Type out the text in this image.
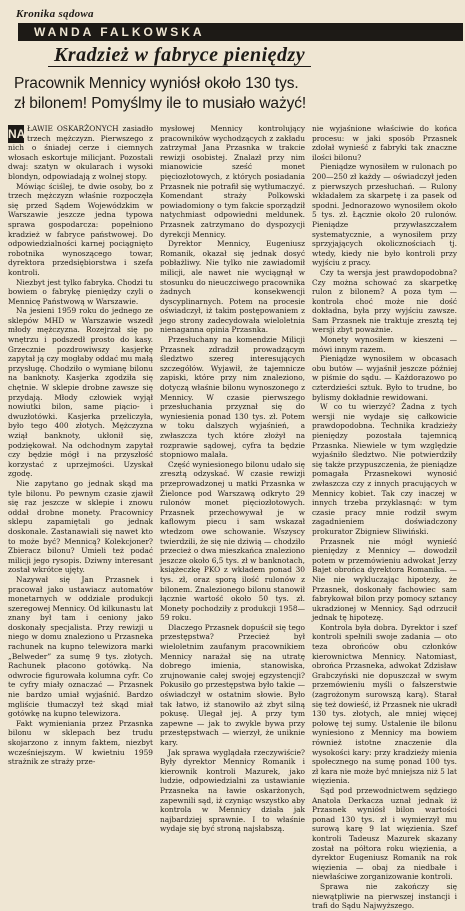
Kronika sądowa
WANDA FALKOWSKA
Kradzież w fabryce pieniędzy
Pracownik Mennicy wyniósł około 130 tys.
zł bilonem! Pomyślmy ile to musiało ważyć!

NA ŁAWIE OSKARŻONYCH zasiadło trzech mężczyzn. Pierwszego z nich o śniadej cerze i ciemnych włosach eskortuje milicjant. Pozostali dwaj: szatyn w okularach i wysoki blondyn, odpowiadają z wolnej stopy.

Mówiąc ściślej, te dwie osoby, bo z trzech mężczyzn właśnie rozpoczęła się przed Sądem Wojewódzkim w Warszawie jeszcze jedna typowa sprawa gospodarcza: popełniono kradzież w fabryce państwowej. Do odpowiedzialności karnej pociągnięto robotnika wynoszącego towar, dyrektora przedsiębiorstwa i szefa kontroli.

Niezbyt jest tylko fabryka. Chodzi tu bowiem o fabrykę pieniędzy czyli o Mennicę Państwową w Warszawie.

Na jesieni 1959 roku do jednego ze sklepów MHD w Warszawie wszedł młody mężczyzna. Rozejrzał się po wnętrzu i podszedł prosto do kasy. Grzecznie pozdrowiwszy kasjerkę zapytał ją czy mogłaby oddać mu małą przysługę. Chodziło o wymianę bilonu na banknoty. Kasjerka zgodziła się chętnie. W sklepie drobne zawsze się przydają. Młody człowiek wyjął nowiutki bilon, same piącio- i dwuzłotówki. Kasjerka przeliczyła, było tego 400 złotych. Mężczyzna wziął banknoty, ukłonił się, podziękował. Na odchodnym zapytał czy będzie mógł i na przyszłość korzystać z uprzejmości. Uzyskał zgodę.

Nie zapytano go jednak skąd ma tyle bilonu. Po pewnym czasie zjawił się raz jeszcze w sklepie i znowu oddał drobne monety. Pracownicy sklepu zapamiętali go jednak doskonale. Zastanawiali się nawet kto to może być? Mennicą? Kolekcjoner? Zbieracz bilonu? Umieli też podać milicji jego rysopis. Dziwny interesant został wkrótce ujęty.

Nazywał się Jan Przasnek i pracował jako ustawiacz automatów monetarnych w oddziale produkcji szeregowej Mennicy. Od kilkunastu lat znany był tam i ceniony jako doskonały specjalista. Przy rewizji u niego w domu znaleziono u Przasneka rachunek na kupno telewizora marki „Belweder” za sumę 9 tys. złotych. Rachunek płacono gotówką. Na odwrocie figurowała kolumna cyfr. Co te cyfry miały oznaczać — Przasnek nie bardzo umiał wyjaśnić. Bardzo mgliście tłumaczył też skąd miał gotówkę na kupno telewizora.

Fakt wymieniania przez Przasnka bilonu w sklepach bez trudu skojarzono z innym faktem, niezbyt wcześniejszym. W kwietniu 1959 strażnik ze straży prze-

mysłowej Mennicy kontrolujący pracowników wychodzących z zakładu zatrzymał Jana Przasnka w trakcie rewizji osobistej. Znalazł przy nim mianowicie sześć monet pięciozłotowych, z których posiadania Przasnek nie potrafił się wytłumaczyć. Komendant straży Polkowski powiadomiony o tym fakcie sporządził natychmiast odpowiedni meldunek. Przasnek zatrzymano do dyspozycji dyrekcji Mennicy.

Dyrektor Mennicy, Eugeniusz Romanik, okazał się jednak dosyć pobłażliwy. Nie tylko nie zawiadomił milicji, ale nawet nie wyciągnął w stosunku do nieuczciwego pracownika żadnych konsekwencji dyscyplinarnych. Potem na procesie oświadczył, iż takim postępowaniem z jego strony zadecydowała wieloletnia nienaganna opinia Przasnka.

Przesłuchany na komendzie Milicji Przasnek zdradził prowadzącym śledztwo szereg interesujących szczegółów. Wyjawił, że tajemnicze zapiski, które przy nim znaleziono, dotyczą właśnie bilonu wynoszonego z Mennicy. W czasie pierwszego przesłuchania przyznał się do wyniesienia ponad 130 tys. zł. Potem w toku dalszych wyjaśnień, a zwłaszcza tych które złożył na rozprawie sądowej, cyfra ta będzie stopniowo malała.

Część wyniesionego bilonu udało się zresztą odzyskać. W czasie rewizji przeprowadzonej u matki Przasnka w Żielonce pod Warszawą odkryto 29 rulonów monet pięciozłotowych. Przasnek przechowywał je w kaflowym piecu i sam wskazał wtedzom owe schowanie. Wszyscy twierdzili, że się nie dziwią — chodziło przecież o dwa mieszkańca znaleziono jeszcze około 6,5 tys. zł w banknotach, książeczkę PKO z wkładem ponad 30 tys. zł, oraz sporą ilość rulonów z bilonem. Znalezionego bilonu stanowił łącznie wartość około 50 tys. zł. Monety pochodziły z produkcji 1958—59 roku.

Dlaczego Przasnek dopuścił się tego przestępstwa? Przecież był wieloletnim zaufanym pracownikiem Mennicy narażał się na utratę dobrego imienia, stanowiska, zrujnowanie całej swojej egzystencji? Pokusiło go przestępstwa było takie — oświadczył w ostatnim słowie. Było tak łatwo, iż stanowiło aż zbyt silną pokusę. Ulegał jej. A przy tym zapewne — jak to zwykle bywa przy przestępstwach — wierzył, że uniknie kary.

Jak sprawa wyglądała rzeczywiście? Były dyrektor Mennicy Romanik i kierownik kontroli Mazurek, jako ludzie, odpowiedzialni za ustawianie Przasneka na ławie oskarżonych, zapewnili sąd, iż czyniąc wszystko aby kontrola w Mennicy działa jak najbardziej sprawnie. I to właśnie wydaje się być stroną najsłabszą.

nie wyjaśnione właściwie do końca procesu: w jaki sposób Przasnek zdołał wynieść z fabryki tak znaczne ilości bilonu?

Pieniądze wynosiłem w rulonach po 200—250 zł każdy — oświadczył jeden z pierwszych przesłuchań. — Rulony wkładałem za skarpetę i za pasek od spodni. Jednorazowo wynosiłem około 5 tys. zł. Łącznie około 20 rulonów. Pieniądze przywłaszczałem systematycznie, a wynosiłem przy sprzyjających okolicznościach tj. wtedy, kiedy nie było kontroli przy wyjściu z pracy.

Czy ta wersja jest prawdopodobna? Czy można schować za skarpetkę rulon z bilonem? A poza tym — kontrola choć może nie dość dokładna, była przy wyjściu zawsze. Sam Przasnek nie traktuje zresztą tej wersji zbyt poważnie.

Monety wynosiłem w kieszeni — mówi innym razem.

Pieniądze wynosiłem w obcasach obu butów — wyjaśnił jeszcze później w piśmie do sądu. — Każdorazowo po czterdzieści sztuk. Było to trudne, bo bylismy dokładnie rewidowani.

W co tu wierzyć? Żadna z tych wersji nie wydaje się całkowicie prawdopodobna. Technika kradzieży pieniędzy pozostała tajemnicą Przasnka. Niewiele w tym względzie wyjaśniło śledztwo. Nie potwierdziły się także przypuszczenia, że pieniądze pomagała Przasnekowi wynosić zwłaszcza czy z innych pracujących w Mennicy kobiet. Tak czy inaczej w innych trzeba przyklasnąć: w tym czasie pracy mnie rodził swym zagadnieniem doświadczony prokurator Zbigniew Sliwiński.

Przasnek nie mógł wynieść pieniędzy z Mennicy — dowodził potem w przemówieniu adwokat Jerzy Bajet obrońca dyrektora Romanika. — Nie nie wykluczając hipotezy, że Przasnek, doskonały fachowiec sam fabrykował bilon przy pomocy sztancy ukradzionej w Mennicy. Sąd odrzucił jednak tę hipotezę.

Kontrola była dobra. Dyrektor i szef kontroli spełnili swoje zadania — oto teza obrońców obu członków kierownictwa Mennicy. Natomiast, obrońca Przasneka, adwokat Zdzisław Grabczyński nie dopuszczał w swym przemówieniu myśli o fałszerstwie (zagrożonym surowszą karą). Starał się też dowieść, iż Przasnek nie ukradł 130 tys. złotych, ale mniej więcej połowę tej sumy. Ustalenie ile bilonu wyniesiono z Mennicy ma bowiem również istotne znaczenie dla wysokości kary: przy kradzieży mienia społecznego na sumę ponad 100 tys. zł kara nie może być mniejsza niż 5 lat więzienia.

Sąd pod przewodnictwem sędziego Anatola Derkacza uznał jednak iż Przasnek wyniósł bilon wartości ponad 130 tys. zł i wymierzył mu surową karę 9 lat więzienia. Szef kontroli Tadeusz Mazurek skazany został na półtora roku więzienia, a dyrektor Eugeniusz Romanik na rok więzienia — obaj za niedbałe i niewłaściwe zorganizowanie kontroli.

Sprawa nie zakończy się niewątpliwie na pierwszej instancji i trafi do Sądu Najwyższego.
